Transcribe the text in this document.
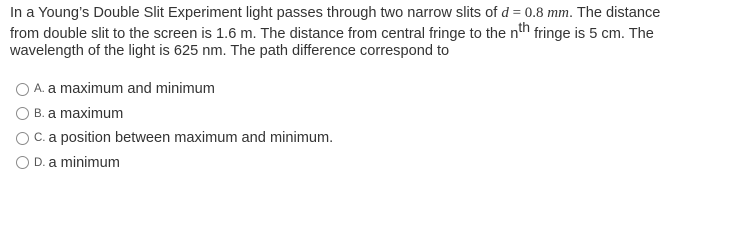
In a Young’s Double Slit Experiment light passes through two narrow slits of d = 0.8 mm. The distance
from double slit to the screen is 1.6 m. The distance from central fringe to the nth fringe is 5 cm. The
wavelength of the light is 625 nm. The path difference correspond to
A. a maximum and minimum
B. a maximum
C. a position between maximum and minimum.
D. a minimum
